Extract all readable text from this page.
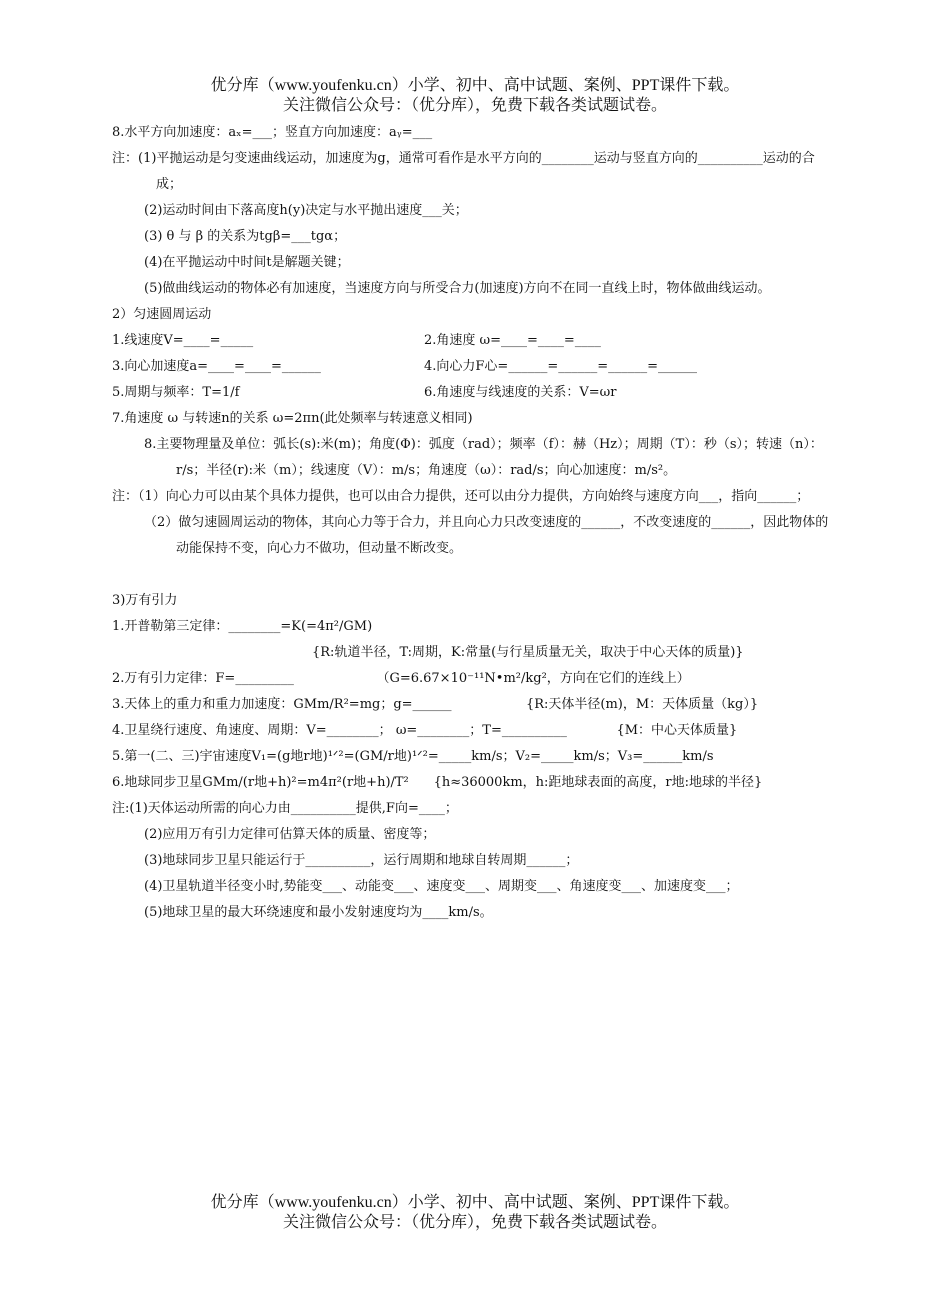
优分库（www.youfenku.cn）小学、初中、高中试题、案例、PPT课件下载。
关注微信公众号：（优分库），免费下载各类试题试卷。

8.水平方向加速度：aₓ=___；竖直方向加速度：aᵧ=___

注：(1)平抛运动是匀变速曲线运动，加速度为g，通常可看作是水平方向的________运动与竖直方向的__________运动的合成；

(2)运动时间由下落高度h(y)决定与水平抛出速度___关；

(3) θ 与 β 的关系为tgβ=___tgα；

(4)在平抛运动中时间t是解题关键；

(5)做曲线运动的物体必有加速度，当速度方向与所受合力(加速度)方向不在同一直线上时，物体做曲线运动。

2）匀速圆周运动

1.线速度V=____=_____	2.角速度 ω=____=____=____
3.向心加速度a=____=____=______	4.向心力F心=______=______=______=______
5.周期与频率：T=1/f	6.角速度与线速度的关系：V=ωr

7.角速度 ω 与转速n的关系 ω=2πn(此处频率与转速意义相同)

8.主要物理量及单位：弧长(s):米(m)；角度(Φ)：弧度（rad）；频率（f）：赫（Hz）；周期（T）：秒（s）；转速（n）：r/s；半径(r):米（m）；线速度（V）：m/s；角速度（ω）：rad/s；向心加速度：m/s²。

注：（1）向心力可以由某个具体力提供，也可以由合力提供，还可以由分力提供，方向始终与速度方向___，指向______；

（2）做匀速圆周运动的物体，其向心力等于合力，并且向心力只改变速度的______，不改变速度的______，因此物体的动能保持不变，向心力不做功，但动量不断改变。

3)万有引力

1.开普勒第三定律：________=K(=4π²/GM)

{R:轨道半径，T:周期，K:常量(与行星质量无关，取决于中心天体的质量)}

2.万有引力定律：F=_________                    （G=6.67×10⁻¹¹N•m²/kg²，方向在它们的连线上）

3.天体上的重力和重力加速度：GMm/R²=mg；g=______                  {R:天体半径(m)，M：天体质量（kg）}

4.卫星绕行速度、角速度、周期：V=________； ω=________；T=__________            {M：中心天体质量}

5.第一(二、三)宇宙速度V₁=(g地r地)¹ᐟ²=(GM/r地)¹ᐟ²=_____km/s；V₂=_____km/s；V₃=______km/s

6.地球同步卫星GMm/(r地+h)²=m4π²(r地+h)/T²      {h≈36000km，h:距地球表面的高度，r地:地球的半径}

注:(1)天体运动所需的向心力由__________提供,F向=____；

(2)应用万有引力定律可估算天体的质量、密度等；

(3)地球同步卫星只能运行于__________，运行周期和地球自转周期______；

(4)卫星轨道半径变小时,势能变___、动能变___、速度变___、周期变___、角速度变___、加速度变___；

(5)地球卫星的最大环绕速度和最小发射速度均为____km/s。

优分库（www.youfenku.cn）小学、初中、高中试题、案例、PPT课件下载。
关注微信公众号：（优分库），免费下载各类试题试卷。
